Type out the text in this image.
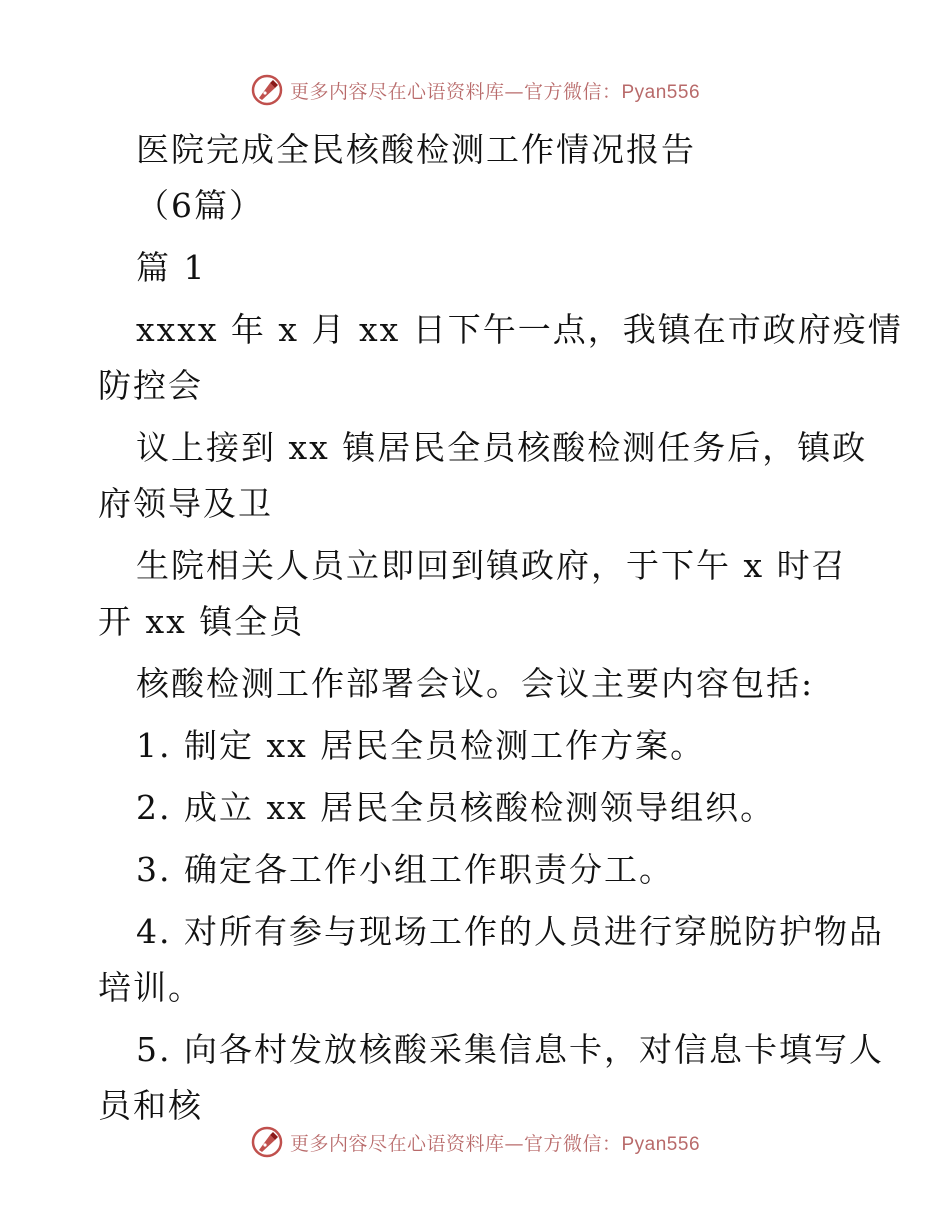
更多内容尽在心语资料库—官方微信：Pyan556
医院完成全民核酸检测工作情况报告
（6篇）
篇 1
xxxx 年 x 月 xx 日下午一点，我镇在市政府疫情
防控会
议上接到 xx 镇居民全员核酸检测任务后，镇政
府领导及卫
生院相关人员立即回到镇政府，于下午 x 时召
开 xx 镇全员
核酸检测工作部署会议。会议主要内容包括:
1. 制定 xx 居民全员检测工作方案。
2. 成立 xx 居民全员核酸检测领导组织。
3. 确定各工作小组工作职责分工。
4. 对所有参与现场工作的人员进行穿脱防护物品
培训。
5. 向各村发放核酸采集信息卡，对信息卡填写人
员和核
更多内容尽在心语资料库—官方微信：Pyan556
